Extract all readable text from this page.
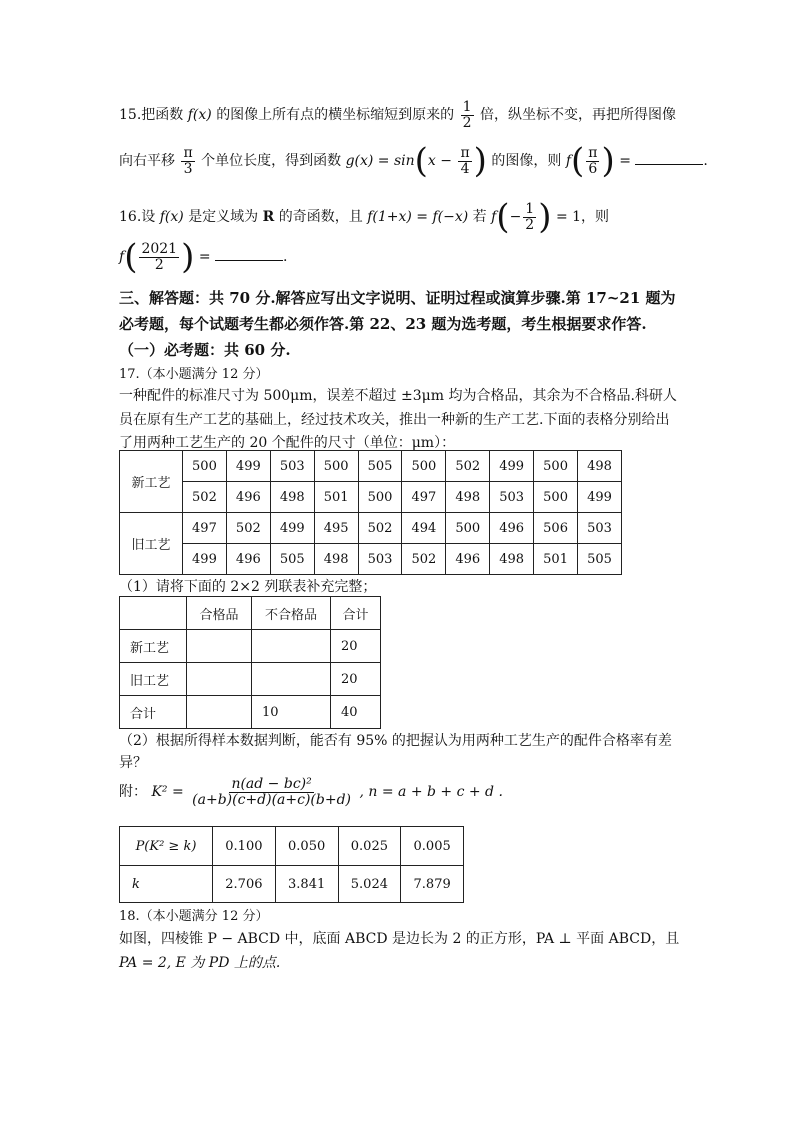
15.把函数 f(x) 的图像上所有点的横坐标缩短到原来的 $\frac{1}{2}$ 倍，纵坐标不变，再把所得图像
向右平移 $\frac{\pi}{3}$ 个单位长度，得到函数 $g(x) = \sin(x - \frac{\pi}{4}$ ) 的图像，则 $f( \frac{\pi}{6}$ ) =	.
16.设 f(x) 是定义域为 R 的奇函数，且 f(1+x) = f(−x) 若 $f(- \frac{1}{2}$ ) = 1，则
$f( \frac{2021}{2}$ ) =	.
三、解答题：共 70 分.解答应写出文字说明、证明过程或演算步骤.第 17~21 题为
必考题，每个试题考生都必须作答.第 22、23 题为选考题，考生根据要求作答.
（一）必考题：共 60 分.
17.（本小题满分 12 分）
一种配件的标准尺寸为 500μm，误差不超过 ±3μm 均为合格品，其余为不合格品.科研人
员在原有生产工艺的基础上，经过技术攻关，推出一种新的生产工艺.下面的表格分别给出
了用两种工艺生产的 20 个配件的尺寸（单位：μm）：
新工艺	500	499	503	500	505	500	502	499	500	498
	502	496	498	501	500	497	498	503	500	499
旧工艺	497	502	499	495	502	494	500	496	506	503
	499	496	505	498	503	502	496	498	501	505
（1）请将下面的 2×2 列联表补充完整；
	合格品	不合格品	合计
新工艺			20
旧工艺			20
合计		10	40
（2）根据所得样本数据判断，能否有 95% 的把握认为用两种工艺生产的配件合格率有差
异？
附： $K^2 = \frac{\text{n(ad − bc)²}}{(a+b)(c+d)(a+c)(b+d)}$ , n = a + b + c + d .
P(K² ≥ k)	0.100	0.050	0.025	0.005
k	2.706	3.841	5.024	7.879
18.（本小题满分 12 分）
如图，四棱锥 P − ABCD 中，底面 ABCD 是边长为 2 的正方形，PA ⊥ 平面 ABCD，且
PA = 2, E 为 PD 上的点.
